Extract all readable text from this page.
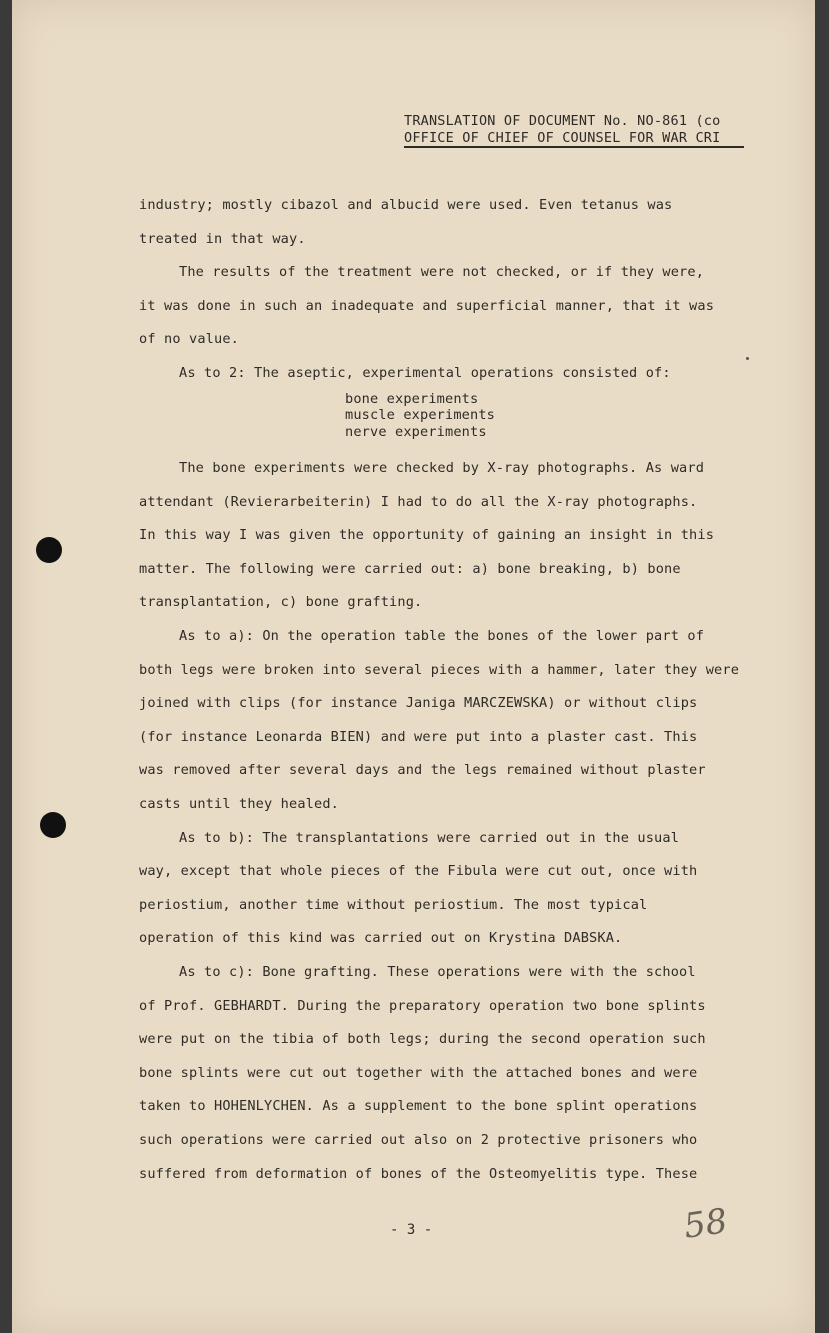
TRANSLATION OF DOCUMENT No. NO-861 (co
OFFICE OF CHIEF OF COUNSEL FOR WAR CRI
industry; mostly cibazol and albucid were used. Even tetanus was
treated in that way.
The results of the treatment were not checked, or if they were,
it was done in such an inadequate and superficial manner, that it was
of no value.
As to 2: The aseptic, experimental operations consisted of:
bone experiments
muscle experiments
nerve experiments
The bone experiments were checked by X-ray photographs. As ward
attendant (Revierarbeiterin) I had to do all the X-ray photographs.
In this way I was given the opportunity of gaining an insight in this
matter. The following were carried out: a) bone breaking, b) bone
transplantation, c) bone grafting.
As to a): On the operation table the bones of the lower part of
both legs were broken into several pieces with a hammer, later they were
joined with clips (for instance Janiga MARCZEWSKA) or without clips
(for instance Leonarda BIEN) and were put into a plaster cast. This
was removed after several days and the legs remained without plaster
casts until they healed.
As to b): The transplantations were carried out in the usual
way, except that whole pieces of the Fibula were cut out, once with
periostium, another time without periostium. The most typical
operation of this kind was carried out on Krystina DABSKA.
As to c): Bone grafting. These operations were with the school
of Prof. GEBHARDT. During the preparatory operation two bone splints
were put on the tibia of both legs; during the second operation such
bone splints were cut out together with the attached bones and were
taken to HOHENLYCHEN. As a supplement to the bone splint operations
such operations were carried out also on 2 protective prisoners who
suffered from deformation of bones of the Osteomyelitis type. These
- 3 -	58
